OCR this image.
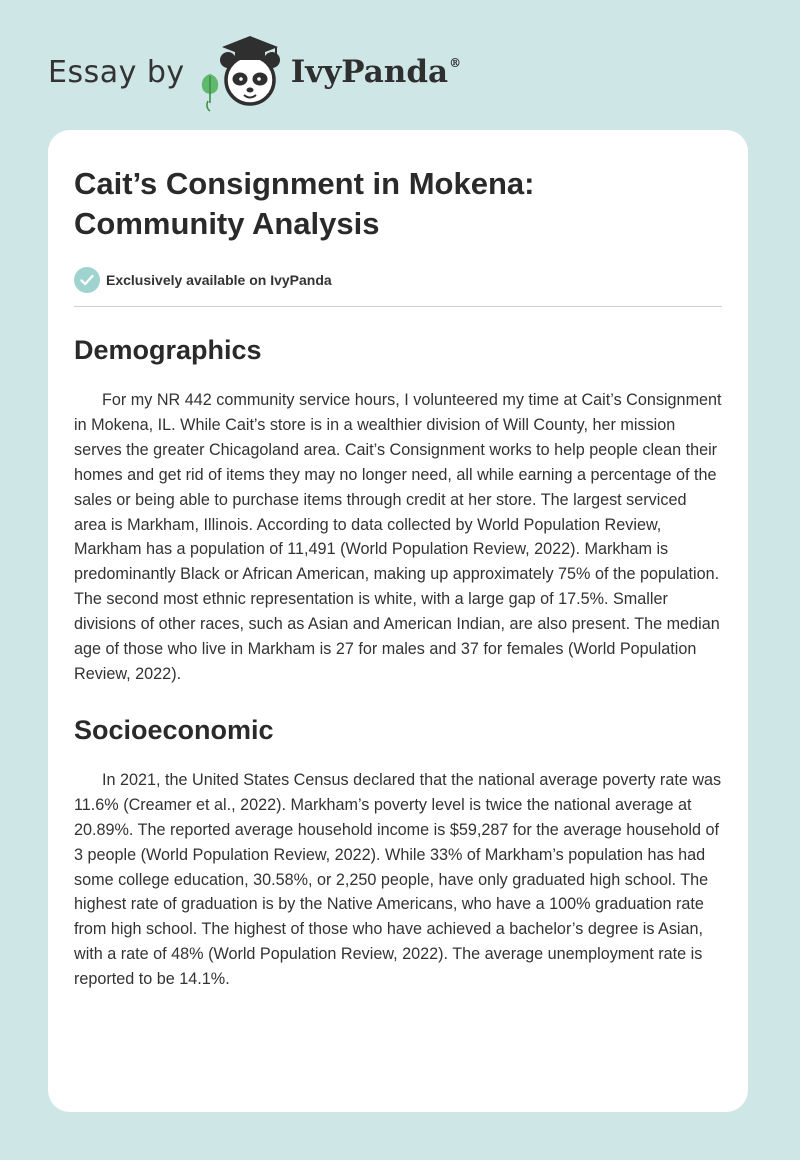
Essay by	IvyPanda®
Cait’s Consignment in Mokena:
Community Analysis
Exclusively available on IvyPanda
Demographics

For my NR 442 community service hours, I volunteered my time at Cait’s Consignment in Mokena, IL. While Cait’s store is in a wealthier division of Will County, her mission serves the greater Chicagoland area. Cait’s Consignment works to help people clean their homes and get rid of items they may no longer need, all while earning a percentage of the sales or being able to purchase items through credit at her store. The largest serviced area is Markham, Illinois. According to data collected by World Population Review, Markham has a population of 11,491 (World Population Review, 2022). Markham is predominantly Black or African American, making up approximately 75% of the population. The second most ethnic representation is white, with a large gap of 17.5%. Smaller divisions of other races, such as Asian and American Indian, are also present. The median age of those who live in Markham is 27 for males and 37 for females (World Population Review, 2022).

Socioeconomic

In 2021, the United States Census declared that the national average poverty rate was 11.6% (Creamer et al., 2022). Markham’s poverty level is twice the national average at 20.89%. The reported average household income is $59,287 for the average household of 3 people (World Population Review, 2022). While 33% of Markham’s population has had some college education, 30.58%, or 2,250 people, have only graduated high school. The highest rate of graduation is by the Native Americans, who have a 100% graduation rate from high school. The highest of those who have achieved a bachelor’s degree is Asian, with a rate of 48% (World Population Review, 2022). The average unemployment rate is reported to be 14.1%.
